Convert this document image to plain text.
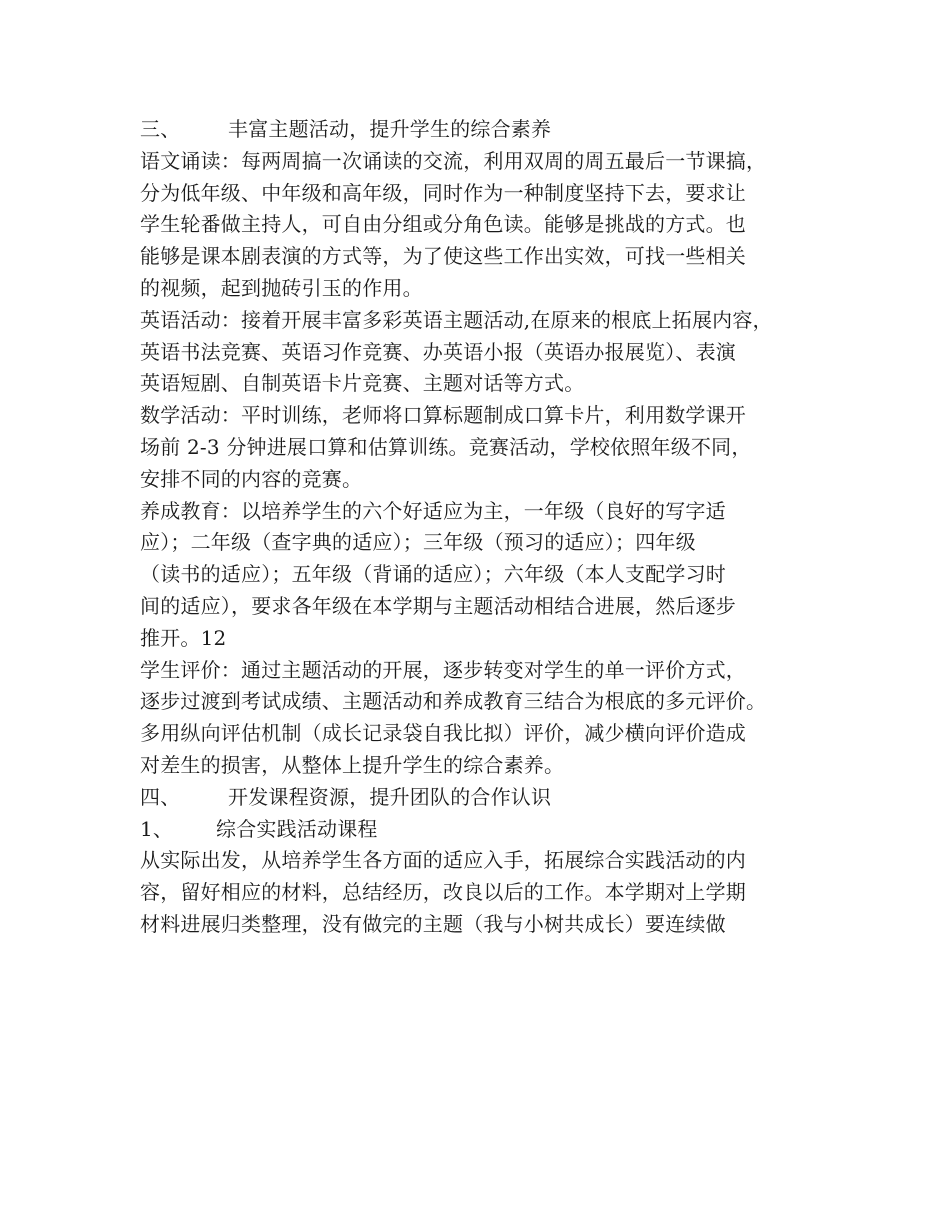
三、 丰富主题活动，提升学生的综合素养
语文诵读：每两周搞一次诵读的交流，利用双周的周五最后一节课搞，
分为低年级、中年级和高年级，同时作为一种制度坚持下去，要求让
学生轮番做主持人，可自由分组或分角色读。能够是挑战的方式。也
能够是课本剧表演的方式等，为了使这些工作出实效，可找一些相关
的视频，起到抛砖引玉的作用。
英语活动：接着开展丰富多彩英语主题活动,在原来的根底上拓展内容，
英语书法竞赛、英语习作竞赛、办英语小报（英语办报展览）、表演
英语短剧、自制英语卡片竞赛、主题对话等方式。
数学活动：平时训练，老师将口算标题制成口算卡片，利用数学课开
场前 2-3 分钟进展口算和估算训练。竞赛活动，学校依照年级不同，
安排不同的内容的竞赛。
养成教育：以培养学生的六个好适应为主，一年级（良好的写字适
应）；二年级（查字典的适应）；三年级（预习的适应）；四年级
（读书的适应）；五年级（背诵的适应）；六年级（本人支配学习时
间的适应），要求各年级在本学期与主题活动相结合进展，然后逐步
推开。12
学生评价：通过主题活动的开展，逐步转变对学生的单一评价方式，
逐步过渡到考试成绩、主题活动和养成教育三结合为根底的多元评价。
多用纵向评估机制（成长记录袋自我比拟）评价，减少横向评价造成
对差生的损害，从整体上提升学生的综合素养。
四、 开发课程资源，提升团队的合作认识
1、 综合实践活动课程
从实际出发，从培养学生各方面的适应入手，拓展综合实践活动的内
容，留好相应的材料，总结经历，改良以后的工作。本学期对上学期
材料进展归类整理，没有做完的主题（我与小树共成长）要连续做
